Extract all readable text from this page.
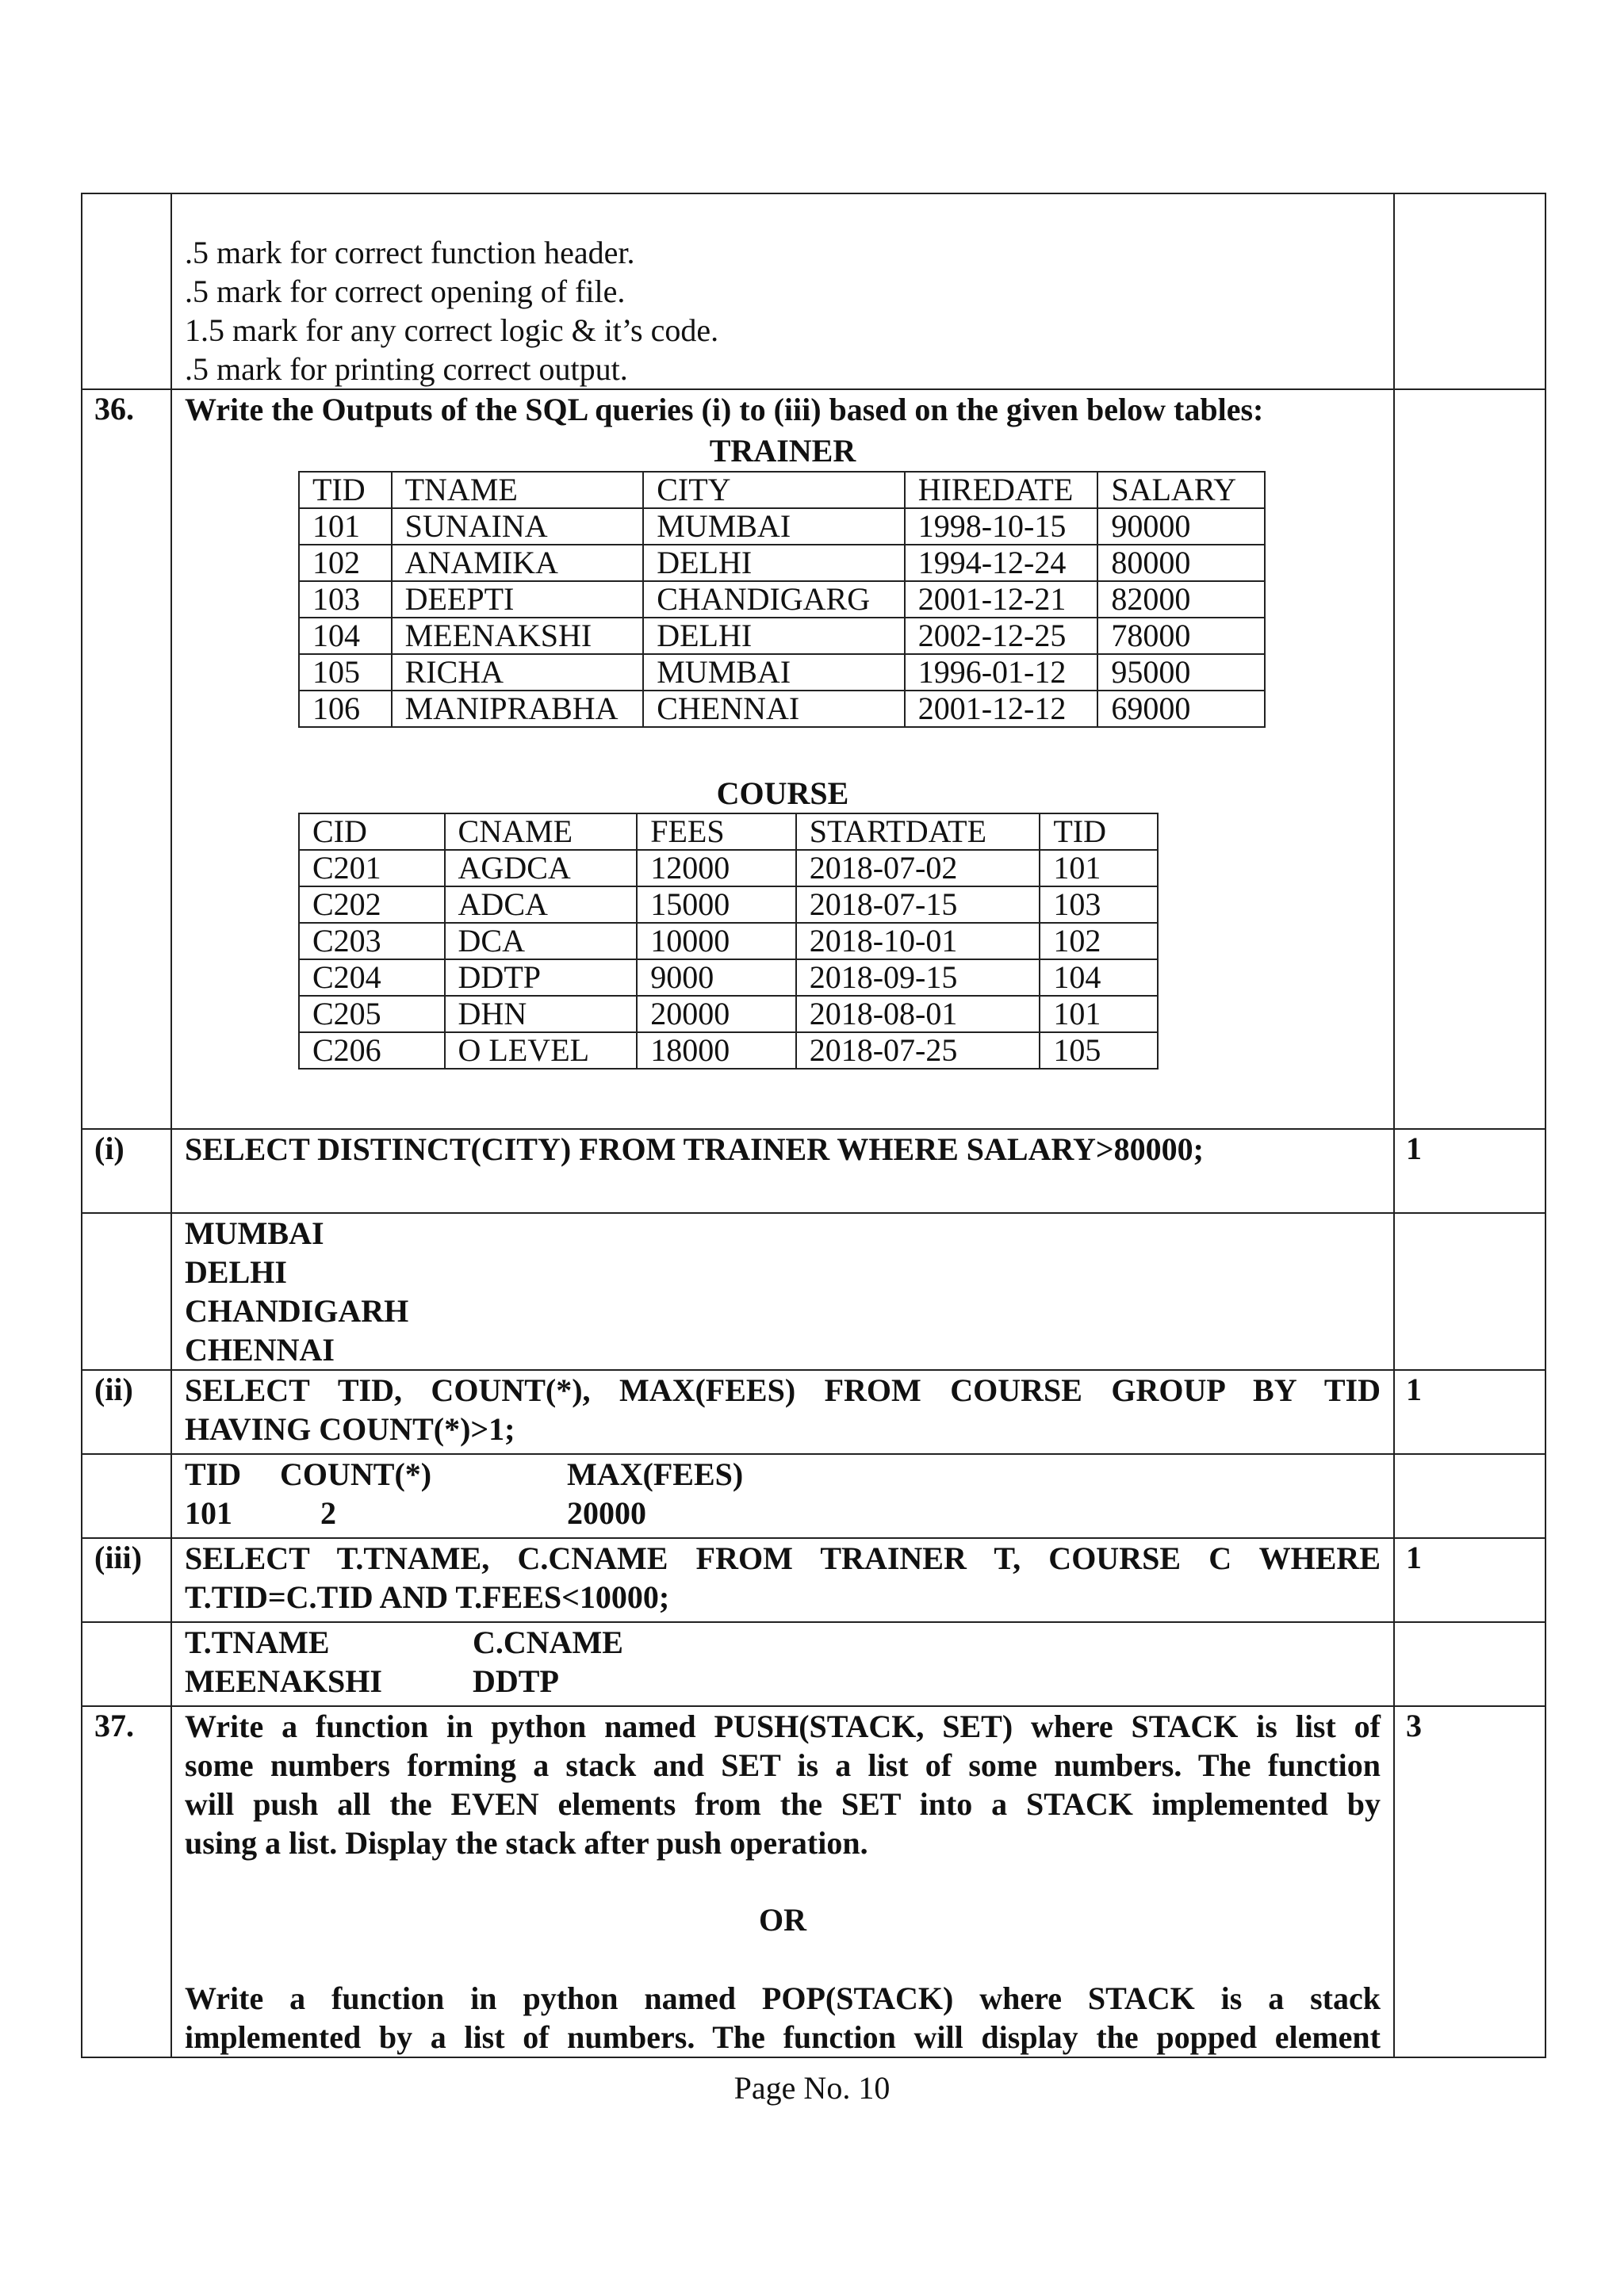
.5 mark for correct function header.
.5 mark for correct opening of file.
1.5 mark for any correct logic & it’s code.
.5 mark for printing correct output.
36. Write the Outputs of the SQL queries (i) to (iii) based on the given below tables:
TRAINER
TID	TNAME	CITY	HIREDATE	SALARY
101	SUNAINA	MUMBAI	1998-10-15	90000
102	ANAMIKA	DELHI	1994-12-24	80000
103	DEEPTI	CHANDIGARG	2001-12-21	82000
104	MEENAKSHI	DELHI	2002-12-25	78000
105	RICHA	MUMBAI	1996-01-12	95000
106	MANIPRABHA	CHENNAI	2001-12-12	69000
COURSE
CID	CNAME	FEES	STARTDATE	TID
C201	AGDCA	12000	2018-07-02	101
C202	ADCA	15000	2018-07-15	103
C203	DCA	10000	2018-10-01	102
C204	DDTP	9000	2018-09-15	104
C205	DHN	20000	2018-08-01	101
C206	O LEVEL	18000	2018-07-25	105
(i) SELECT DISTINCT(CITY) FROM TRAINER WHERE SALARY>80000;	1
MUMBAI
DELHI
CHANDIGARH
CHENNAI
(ii) SELECT TID, COUNT(*), MAX(FEES) FROM COURSE GROUP BY TID
HAVING COUNT(*)>1;
1
TID COUNT(*)	MAX(FEES)
101	2	20000
(iii) SELECT T.TNAME, C.CNAME FROM TRAINER T, COURSE C WHERE
T.TID=C.TID AND T.FEES<10000;
1
T.TNAME	C.CNAME
MEENAKSHI	DDTP
37.	3
Write a function in python named PUSH(STACK, SET) where STACK is list of
some numbers forming a stack and SET is a list of some numbers. The function
will push all the EVEN elements from the SET into a STACK implemented by
using a list. Display the stack after push operation.
OR
Write a function in python named POP(STACK) where STACK is a stack
implemented by a list of numbers. The function will display the popped element
Page No. 10
